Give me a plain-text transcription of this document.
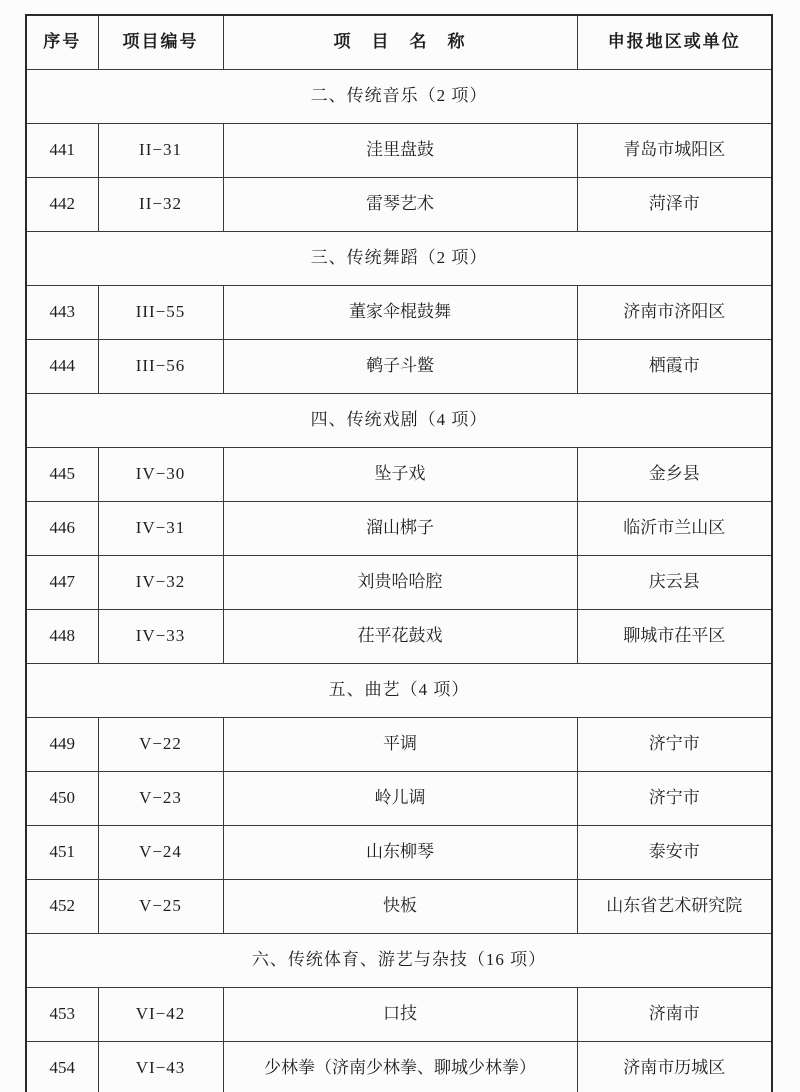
序号	项目编号	项　目　名　称	申报地区或单位
二、传统音乐（2 项）			
441	II−31	洼里盘鼓	青岛市城阳区
442	II−32	雷琴艺术	菏泽市
三、传统舞蹈（2 项）			
443	III−55	董家伞棍鼓舞	济南市济阳区
444	III−56	鹌子斗鳖	栖霞市
四、传统戏剧（4 项）			
445	IV−30	坠子戏	金乡县
446	IV−31	溜山梆子	临沂市兰山区
447	IV−32	刘贵哈哈腔	庆云县
448	IV−33	茌平花鼓戏	聊城市茌平区
五、曲艺（4 项）			
449	V−22	平调	济宁市
450	V−23	岭儿调	济宁市
451	V−24	山东柳琴	泰安市
452	V−25	快板	山东省艺术研究院
六、传统体育、游艺与杂技（16 项）			
453	VI−42	口技	济南市
454	VI−43	少林拳（济南少林拳、聊城少林拳）	济南市历城区
